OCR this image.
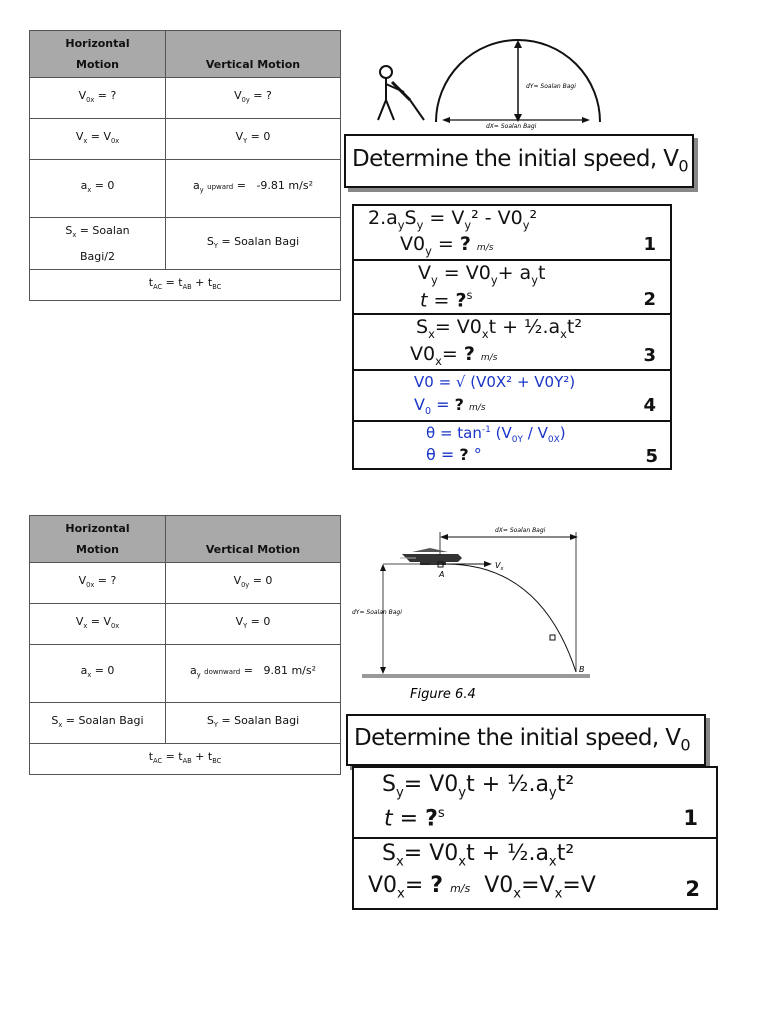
Horizontal
Motion	Vertical Motion
$V_{0x}$ = ?	$V_{0y}$ = ?
$V_x = V_{0x}$	$V_Y = 0$
$a_x = 0$	$a_y$ upward =   -9.81 m/s²
$S_x$ = Soalan
Bagi/2	$S_Y$ = Soalan Bagi
$t_{AC} = t_{AB} + t_{BC}$
dY= Soalan Bagi
dX= Soalan Bagi
Determine the initial speed, $V_0$
$2.a_yS_y = V_y^2 - V0_y^2$
$V0_y$ = ? m/s	1
$V_y = V0_y+ a_yt$
t = ?$^s$	2
$S_x= V0_xt$ + $\frac{1}{2}.a_xt^2$
$V0_x=$ ? m/s	3
V0 = √ (V0X² + V0Y²)
$V_0$ = ? m/s	4
$\theta = \tan^{-1} (V_{0Y} / V_{0X})$
θ = ? °	5
Horizontal
Motion	Vertical Motion
$V_{0x}$ = ?	$V_{0y} = 0$
$V_x = V_{0x}$	$V_Y = 0$
$a_x = 0$	$a_y$ downward =   9.81 m/s²
$S_x$ = Soalan Bagi	$S_Y$ = Soalan Bagi
$t_{AC} = t_{AB} + t_{BC}$
dX= Soalan Bagi
dY= Soalan Bagi
$V_x$
A
B
Figure 6.4
Determine the initial speed, $V_0$
$S_y= V0_yt$ + $\frac{1}{2}.a_yt^2$
t = ?$^s$	1
$S_x= V0_xt$ + $\frac{1}{2}.a_xt^2$
$V0_x=$ ? m/s  $V0_x=V_x=V$	2
